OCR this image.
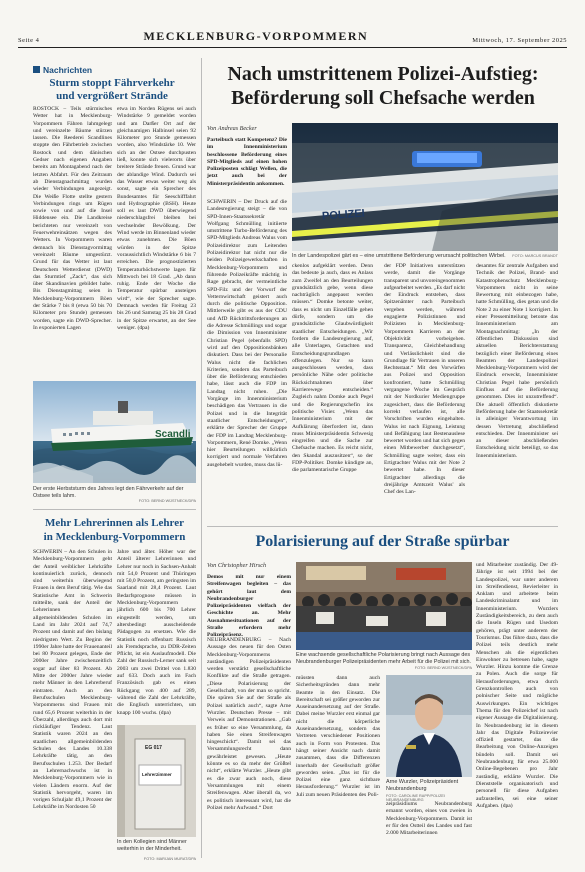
Seite 4	MECKLENBURG-VORPOMMERN	Mittwoch, 17. September 2025
Nachrichten
Sturm stoppt Fährverkehr
und vergrößert Strände

ROSTOCK – Teils stürmisches Wetter hat in Mecklenburg-Vorpommern Fähren lahmgelegt und vereinzelte Bäume stürzen lassen. Die Reederei Scandlines stoppte den Fährbetrieb zwischen Rostock und dem dänischen Gedser nach eigenen Angaben bereits am Montagabend nach der letzten Abfahrt. Für den Zeitraum ab Dienstagnachmittag wurden wieder Verbindungen angezeigt. Die Weiße Flotte stellte gestern Verbindungen rings um Rügen sowie von und auf die Insel Hiddensee ein. Die Landkreise berichteten nur vereinzelt von Feuerwehreinsätzen wegen des Wetters. In Vorpommern waren demnach bis Dienstagvormittag vereinzelt Bäume umgestürzt. Grund für das Wetter ist laut Deutschem Wetterdienst (DWD) das Sturmtief „Zack“, das sich über Skandinavien gebildet habe. Bis Dienstagmittag seien in Mecklenburg-Vorpommern Böen der Stärke 7 bis 8 (etwa 50 bis 70 Kilometer pro Stunde) gemessen worden, sagte ein DWD-Sprecher. In exponierten Lagen

etwa im Norden Rügens sei auch Windstärke 9 gemeldet worden und am Darßer Ort auf der gleichnamigen Halbinsel seien 92 Kilometer pro Stunde gemessen worden, also Windstärke 10. Wer sich an der Ostsee durchpusten ließ, konnte sich vielerorts über breitere Strände freuen. Grund war der ablandige Wind. Dadurch sei das Wasser etwas weiter weg als sonst, sagte ein Sprecher des Bundesamtes für Seeschifffahrt und Hydrographie (BSH). Heute soll es laut DWD überwiegend niederschlagsfrei bleiben bei wechselnder Bewölkung. Der Wind werde im Binnenland wieder etwas zunehmen. Die Böen würden in der Spitze voraussichtlich Windstärke 6 bis 7 erreichen. Die prognostizierten Temperaturhöchstwerte lagen für Mittwoch bei 18 Grad. „Ab dann ruhig. Ende der Woche die Temperatur spürbar ansteigen wird“, wie der Sprecher sagte. Demnach werden für Freitag 23 bis 26 und Samstag 25 bis 28 Grad in der Spitze erwartet, an der See weniger. (dpa)

Scandli
Der erste Herbststurm des Jahres legt den Fährverkehr auf der Ostsee teils lahm.
FOTO: BERND WÜSTNECK/DPA
Mehr Lehrerinnen als Lehrer
in Mecklenburg-Vorpommern

SCHWERIN – An den Schulen in Mecklenburg-Vorpommern geht der Anteil weiblicher Lehrkräfte kontinuierlich zurück, dennoch sind weiterhin überwiegend Frauen in dem Beruf tätig. Wie das Statistische Amt in Schwerin mitteilte, sank der Anteil der Lehrerinnen an allgemeinbildenden Schulen im Land im Jahr 2024 auf 74,7 Prozent und damit auf den bislang niedrigsten Wert. Zu Beginn der 1990er Jahre hatte der Frauenanteil bei 80 Prozent gelegen, Ende der 2000er Jahre zwischenzeitlich sogar auf über 83 Prozent. Ab Mitte der 2000er Jahre wieder mehr Männer in den Lehrerberuf eintraten. Auch an den Berufsschulen Mecklenburg-Vorpommerns sind Frauen mit rund 65,6 Prozent weiterhin in der Überzahl, allerdings auch dort mit rückläufiger Tendenz. Laut Statistik waren 2024 an den staatlichen allgemeinbildenden Schulen des Landes 10.338 Lehrkräfte tätig, an den Berufsschulen 1.253. Der Bedarf an Lehrernachwuchs ist in Mecklenburg-Vorpommern wie in vielen Ländern enorm. Auf der Statistik hervorgeht, waren im vorigen Schuljahr 49,1 Prozent der Lehrkräfte im Nordosten 50

Jahre und älter. Höher war der Anteil älterer Lehrerinnen und Lehrer nur noch in Sachsen-Anhalt mit 54,0 Prozent und Thüringen mit 50,0 Prozent, am geringsten im Saarland mit 28,4 Prozent. Laut Bedarfsprognose müssen in Mecklenburg-Vorpommern jährlich 600 bis 700 Lehrer eingestellt werden, um altersbedingt ausscheidende Pädagogen zu ersetzen. Wie die Statistik noch offenbart: Russisch als Fremdsprache, zu DDR-Zeiten Pflicht, ist ein Auslaufmodell. Die Zahl der Russisch-Lerner sank seit 2003 um zwei Drittel von 1.830 auf 633. Doch auch im Fach Französisch gab es einen Rückgang von 400 auf 289, während die Zahl der Lehrkräfte, die Englisch unterrichten, um knapp 100 wuchs. (dpa)

EG 017
Lehrerzimmer
In den Kollegien sind Männer weiterhin in der Minderheit.
FOTO: MARIJAN MURAT/DPA
Nach umstrittenem Polizei-Aufstieg:
Beförderung soll Chefsache werden
Von Andreas Becker

Parteibuch statt Kompetenz? Die im Innenministerium beschlossene Beförderung eines SPD-Mitglieds auf einen hohen Polizeiposten schlägt Wellen, die jetzt auch bei der Ministerpräsidentin ankommen.

SCHWERIN – Der Druck auf die Landesregierung steigt – die von SPD-Innen-Staatssekretär Wolfgang Schmülling initiierte umstrittene Turbo-Beförderung des SPD-Mitglieds Andreas Walus vom Polizeidirektor zum Leitenden Polizeidirektor hat nicht nur die beiden Polizeigewerkschaften in Mecklenburg-Vorpommern und führende Polizeikräfte mächtig in Rage gebracht, der vermeintliche SPD-Filz und der Vorwurf der Vetternwirtschaft geistert auch durch die politische Opposition. Mittlerweile gibt es aus der CDU und AfD Rücktrittsforderungen an die Adresse Schmüllings und sogar die Dimission von Innenminister Christian Pegel (ebenfalls SPD) wird auf den Oppositionsbänken diskutiert. Dass bei der Personalie Walus nicht die fachlichen Kriterien, sondern das Parteibuch über die Beförderung entschieden habe, lässt auch die FDP im Landtag nicht ruhen. „Die Vorgänge im Innenministerium beschädigen das Vertrauen in die Polizei und in die Integrität staatlicher Entscheidungen“, erklärte der Sprecher der Gruppe der FDP im Landtag Mecklenburg-Vorpommern, René Domke. „Wenn hier Beurteilungen willkürlich korrigiert und normale Verfahren ausgehebelt wurden, muss das lü-

POLIZEI
In der Landespolizei gärt es – eine umstrittene Beförderung verursacht politischen Wirbel.	FOTO: MARCUS BRANDT

ckenlos aufgeklärt werden. Denn das bedeute ja auch, dass es Anlass zum Zweifel an den Beurteilungen grundsätzlich gebe, wenn diese nachträglich angepasst werden müssen.“ Domke betonte weiter, dass es nicht um Einzelfälle gehen dürfe, sondern um die grundsätzliche Glaubwürdigkeit staatlicher Entscheidungen. „Wir fordern die Landesregierung auf, alle Unterlagen, Gutachten und Entscheidungsgrundlagen offenzulegen. Nur so kann ausgeschlossen werden, dass persönliche Nähe oder politische Rücksichtnahmen über Karrierewege entscheiden.“ Zugleich nahm Domke auch Pegel und die Regierungschefin ins politische Visier. „Wenn das Innenministerium mit der Aufklärung überfordert ist, dann muss Ministerpräsidentin Schwesig eingreifen und die Sache zur Chefsache machen. Es reicht nicht, den Skandal auszusitzen“, so der FDP-Politiker. Domke kündigte an, die parlamentarische Gruppe

der FDP Initiativen unterstützen werde, damit die Vorgänge transparent und unvoreingenommen aufgearbeitet werden. „Es darf nicht der Eindruck entstehen, dass Spitzenämter nach Parteibuch vergeben werden, während engagierte Polizistinnen und Polizisten in Mecklenburg-Vorpommern Karrieren an der Objektivität vorbeigehen. Transparenz, Gleichbehandlung und Verlässlichkeit sind die Grundlage für Vertrauen in unseren Rechtsstaat.“ Mit den Vorwürfen aus Polizei und Opposition konfrontiert, hatte Schmülling vergangene Woche im Gespräch mit der Nordkurier Mediengruppe zugesichert, dass die Beförderung korrekt verlaufen ist, alle Vorschriften wurden eingehalten. Walus ist nach Eignung, Leistung und Befähigung laut Bestenauslese bewertet worden und hat sich gegen einen Mitbewerber durchgesetzt“, Schmülling sagte weiter, dass ein Ertigtachter Walus mit der Note 2 bewertet habe. In dieser Ertigtachter allerdings die dreijährige Amtszeit Walus' als Chef des Lan-

desamtes für zentrale Aufgaben und Technik der Polizei, Brand- und Katastrophenschutz Mecklenburg-Vorpommern nicht in seine Bewertung mit einbezogen habe, hatte Schmülling, dies getan und die Note 2 zu einer Note 1 korrigiert. In einer Pressemitteilung betonte das Innenministerium am Montagnachmittag: „In der öffentlichen Diskussion sind aktuellen Berichterstattung bezüglich einer Beförderung eines Beamten der Landespolizei Mecklenburg-Vorpommern wird der Eindruck erweckt, Innenminister Christian Pegel habe persönlich Einfluss auf die Beförderung genommen. Dies ist unzutreffend“. Die aktuell öffentlich diskutierte Beförderung habe der Staatssekretär in alleiniger Verantwortung im dessen Vertretung abschließend entschieden. Der Innenminister sei an dieser abschließenden Entscheidung nicht beteiligt, so das Innenministerium.

Polarisierung auf der Straße spürbar
Von Christopher Hirsch

Demos mit nur einem Streifenwagen begleiten – das gehört laut dem Neubrandenburger Polizeipräsidenten vielfach der Geschichte an. Mehr Ausnahmesituationen auf der Straße erfordern mehr Polizeipräsenz.

NEUBRANDENBURG – Nach Aussage des neuen für den Osten Mecklenburg-Vorpommerns zuständigen Polizeipräsidenten werden verstärkt gesellschaftliche Konflikte auf die Straße getragen. „Diese Polarisierung der Gesellschaft, von der man so spricht. Die spüren Sie auf der Straße als Polizei natürlich auch“, sagte Arne Wurzler. Deutschen Presse – mit Verweis auf Demonstrationen. „Gab es früher so eine Versammlung, da haben Sie einen Streifenwagen hingeschickt“. Damit sei das Versammlungsrecht dann gewährleistet gewesen. „Heute könnte es so da mehr der Größtel nicht“, erklärte Wurzler. „Heute gibt es die zwar auch noch, diese Versammlungen mit einem Streifenwagen. Aber überall da, wo es politisch interessant wird, hat die Polizei mehr Aufwand.“ Dort

Eine wachsende gesellschaftliche Polarisierung bringt nach Aussage des Neubrandenburger Polizeipräsidenten mehr Arbeit für die Polizei mit sich.
FOTO: BERND WÜSTNECK/DPA

müssten dann auch Sicherheitsgründen dann mehr Beamte in den Einsatz. Die Bereitschaft sei größer geworden zur Auseinandersetzung auf der Straße. Dabei meine Wurzler erst einmal gar nicht die körperliche Auseinandersetzung, sondern das Vertreten verschiedener Positionen auch in Form von Protesten. Das hängt seiner Ansicht nach damit zusammen, dass die Differenzen innerhalb der Gesellschaft größer geworden seien. „Das ist für die Polizei eine ganz sichtbare Herausforderung.“ Wurzler ist im Juli zum neuen Präsidenten des Poli-

Arne Wurzler, Polizeipräsident
Neubrandenburg
FOTO: CAROLINE RAPP/POLIZEI NEUBRANDENBURG

zeipräsidiums Neubrandenburg ernannt worden, eines von zweien in Mecklenburg-Vorpommern. Damit ist er für den Ostteil des Landes und fast 2.000 Mitarbeiterinnen

und Mitarbeiter zuständig. Der 49-Jährige ist seit 1994 bei der Landespolizei, war unter anderem im Streifendienst, Revierleiter in Anklam und arbeitete beim Landeskriminalamt und im Innenministerium. Wurzlers Zuständigkeitsbereich, zu dem auch die Inseln Rügen und Usedom gehören, prägt unter anderem der Tourismus. Das führe dazu, dass die Polizei teils deutlich mehr Menschen als die eigentlichen Einwohner zu betreuen habe, sagte Wurzler. Hinzu komme die Grenze zu Polen. Auch die sorge für Herausforderungen, etwa durch Grenzkontrollen auch von polnischer Seite und mögliche Auswirkungen. Ein wichtiges Thema für den Polizeichef ist nach eigener Aussage die Digitalisierung. In Neubrandenburg ist in diesem Jahr das Digitale Polizeirevier offiziell gestartet, das die Bearbeitung von Online-Anzeigen bündeln soll. Damit sei Neubrandenburg für etwa 25.000 Online-Begebenen pro Jahr zuständig, erklärte Wurzler. Die Dienststelle organisatorisch und personell für diese Aufgaben aufzustellen, sei eine seiner Aufgaben. (dpa)
